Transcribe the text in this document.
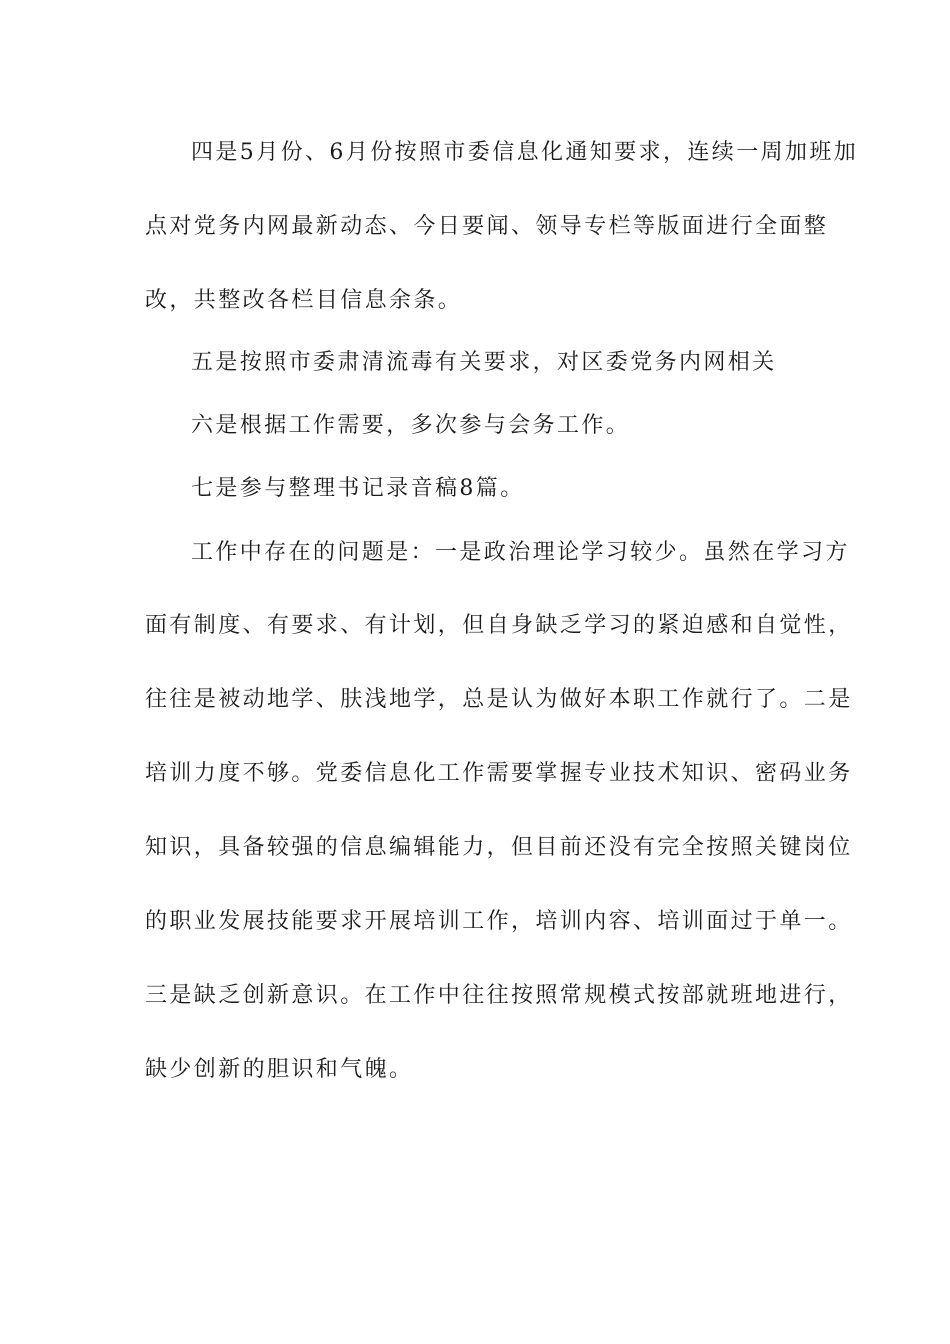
四是5月份、6月份按照市委信息化通知要求，连续一周加班加
点对党务内网最新动态、今日要闻、领导专栏等版面进行全面整
改，共整改各栏目信息余条。
五是按照市委肃清流毒有关要求，对区委党务内网相关
六是根据工作需要，多次参与会务工作。
七是参与整理书记录音稿8篇。
工作中存在的问题是：一是政治理论学习较少。虽然在学习方
面有制度、有要求、有计划，但自身缺乏学习的紧迫感和自觉性，
往往是被动地学、肤浅地学，总是认为做好本职工作就行了。二是
培训力度不够。党委信息化工作需要掌握专业技术知识、密码业务
知识，具备较强的信息编辑能力，但目前还没有完全按照关键岗位
的职业发展技能要求开展培训工作，培训内容、培训面过于单一。
三是缺乏创新意识。在工作中往往按照常规模式按部就班地进行，
缺少创新的胆识和气魄。
